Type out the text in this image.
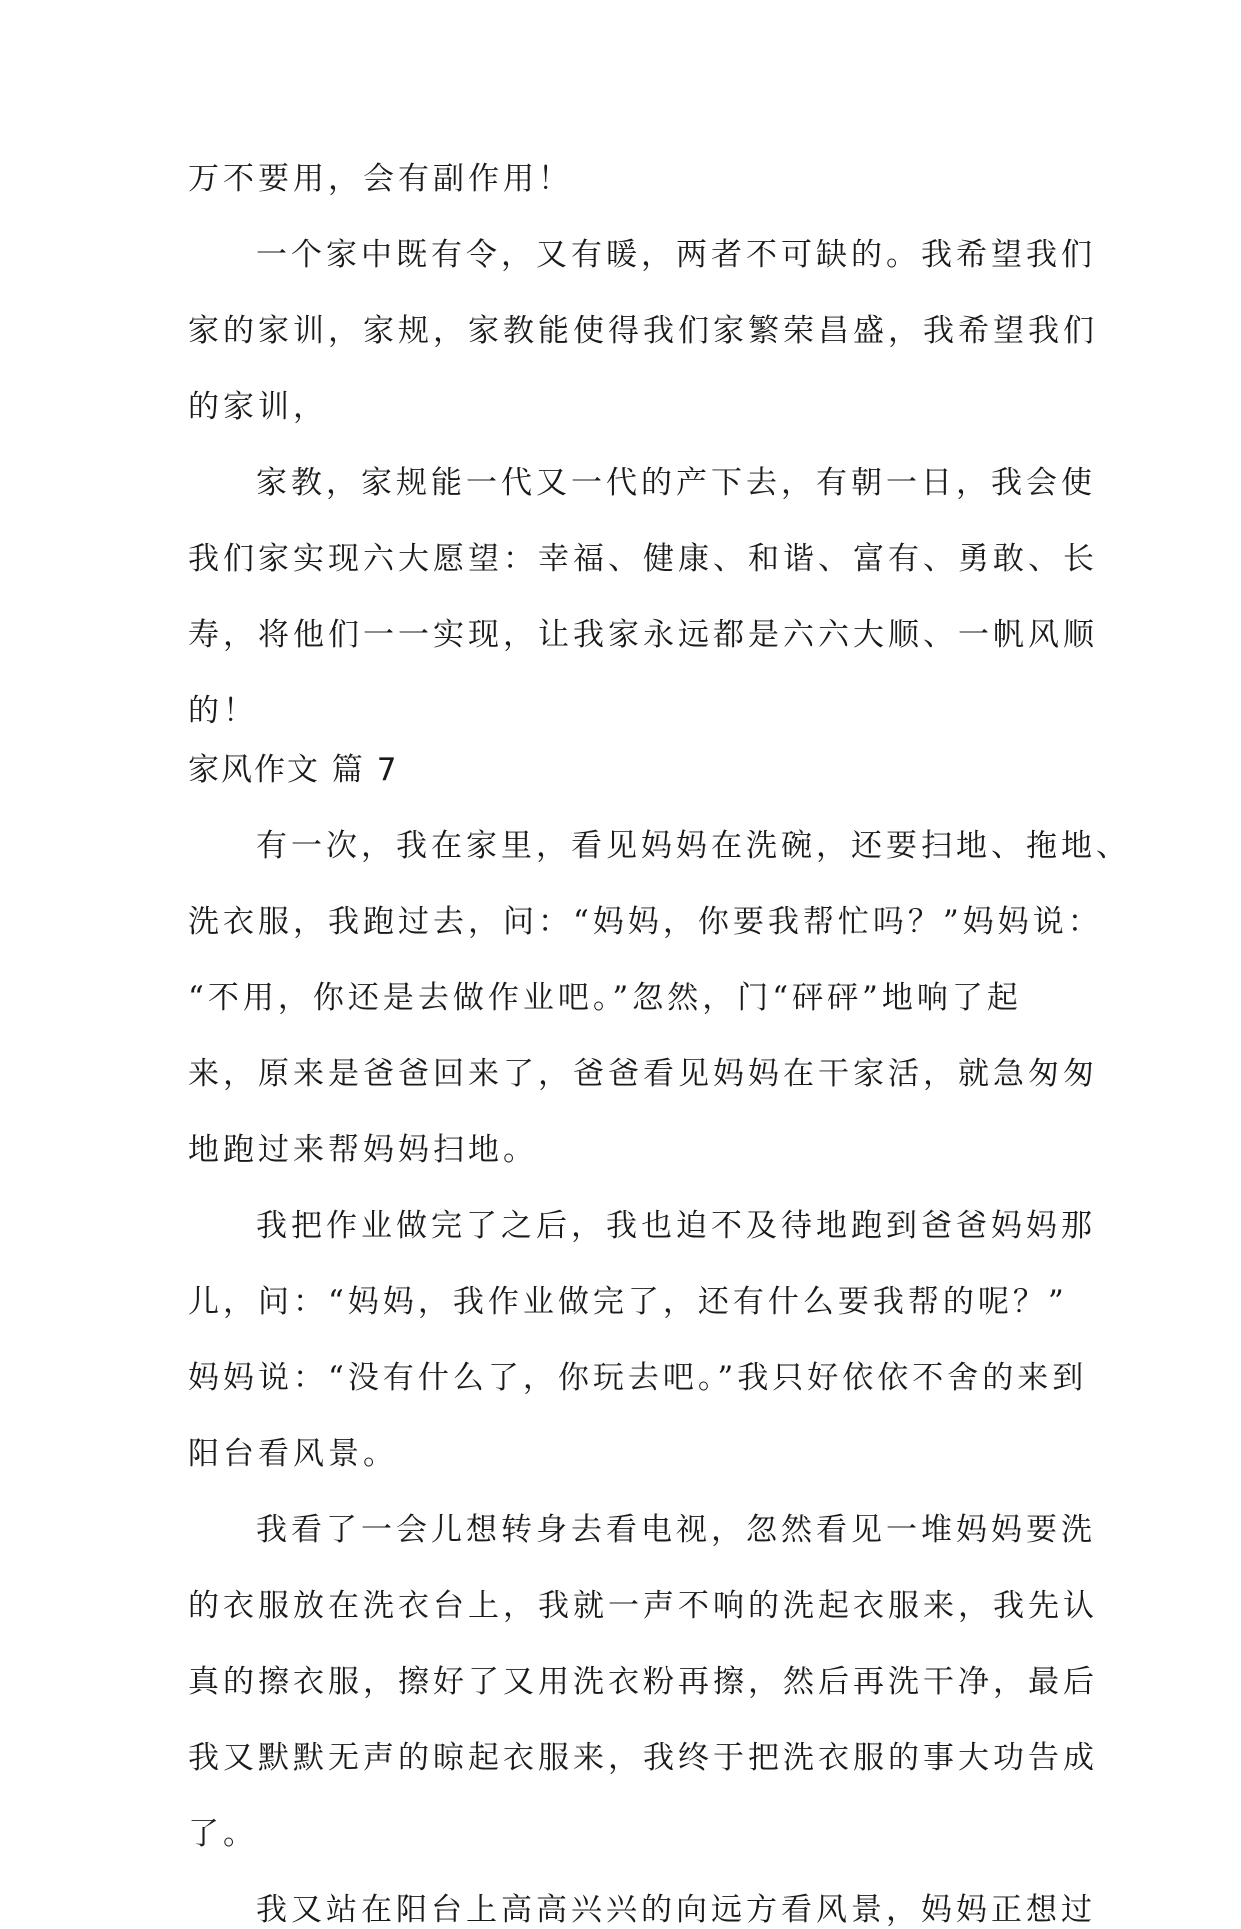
万不要用，会有副作用！
一个家中既有令，又有暖，两者不可缺的。我希望我们
家的家训，家规，家教能使得我们家繁荣昌盛，我希望我们
的家训，
家教，家规能一代又一代的产下去，有朝一日，我会使
我们家实现六大愿望：幸福、健康、和谐、富有、勇敢、长
寿，将他们一一实现，让我家永远都是六六大顺、一帆风顺
的！
家风作文 篇 7
有一次，我在家里，看见妈妈在洗碗，还要扫地、拖地、
洗衣服，我跑过去，问：“妈妈，你要我帮忙吗？”妈妈说：
“不用，你还是去做作业吧。”忽然，门“砰砰”地响了起
来，原来是爸爸回来了，爸爸看见妈妈在干家活，就急匆匆
地跑过来帮妈妈扫地。
我把作业做完了之后，我也迫不及待地跑到爸爸妈妈那
儿，问：“妈妈，我作业做完了，还有什么要我帮的呢？”
妈妈说：“没有什么了，你玩去吧。”我只好依依不舍的来到
阳台看风景。
我看了一会儿想转身去看电视，忽然看见一堆妈妈要洗
的衣服放在洗衣台上，我就一声不响的洗起衣服来，我先认
真的擦衣服，擦好了又用洗衣粉再擦，然后再洗干净，最后
我又默默无声的晾起衣服来，我终于把洗衣服的事大功告成
了。
我又站在阳台上高高兴兴的向远方看风景，妈妈正想过
